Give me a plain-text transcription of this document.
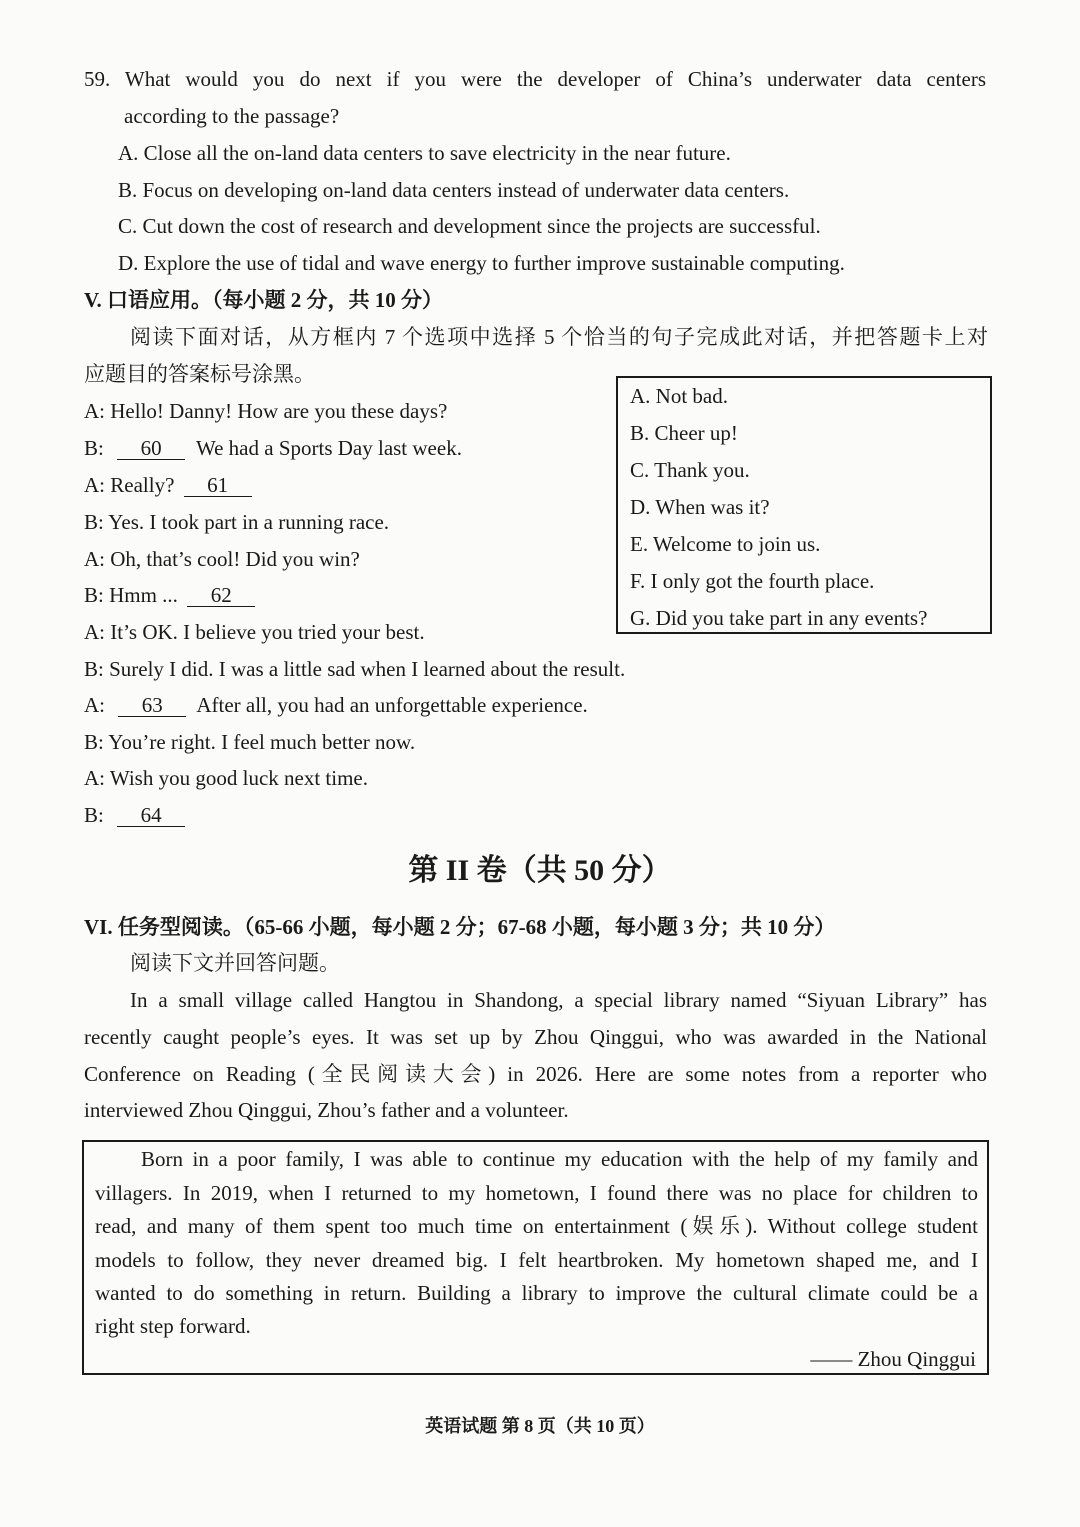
59. What would you do next if you were the developer of China’s underwater data centers
according to the passage?
A. Close all the on-land data centers to save electricity in the near future.
B. Focus on developing on-land data centers instead of underwater data centers.
C. Cut down the cost of research and development since the projects are successful.
D. Explore the use of tidal and wave energy to further improve sustainable computing.
V. 口语应用。（每小题 2 分，共 10 分）
阅读下面对话，从方框内 7 个选项中选择 5 个恰当的句子完成此对话，并把答题卡上对
应题目的答案标号涂黑。
A. Not bad.
B. Cheer up!
C. Thank you.
D. When was it?
E. Welcome to join us.
F. I only got the fourth place.
G. Did you take part in any events?
A: Hello! Danny! How are you these days?
B: 60 We had a Sports Day last week.
A: Really? 61
B: Yes. I took part in a running race.
A: Oh, that’s cool! Did you win?
B: Hmm ... 62
A: It’s OK. I believe you tried your best.
B: Surely I did. I was a little sad when I learned about the result.
A: 63 After all, you had an unforgettable experience.
B: You’re right. I feel much better now.
A: Wish you good luck next time.
B: 64
第 II 卷（共 50 分）
VI. 任务型阅读。（65-66 小题，每小题 2 分；67-68 小题，每小题 3 分；共 10 分）
阅读下文并回答问题。
In a small village called Hangtou in Shandong, a special library named “Siyuan Library” has
recently caught people’s eyes. It was set up by Zhou Qinggui, who was awarded in the National
Conference on Reading (全民阅读大会) in 2026. Here are some notes from a reporter who
interviewed Zhou Qinggui, Zhou’s father and a volunteer.
Born in a poor family, I was able to continue my education with the help of my family and
villagers. In 2019, when I returned to my hometown, I found there was no place for children to
read, and many of them spent too much time on entertainment (娱乐). Without college student
models to follow, they never dreamed big. I felt heartbroken. My hometown shaped me, and I
wanted to do something in return. Building a library to improve the cultural climate could be a
right step forward.
—— Zhou Qinggui
英语试题 第 8 页（共 10 页）
